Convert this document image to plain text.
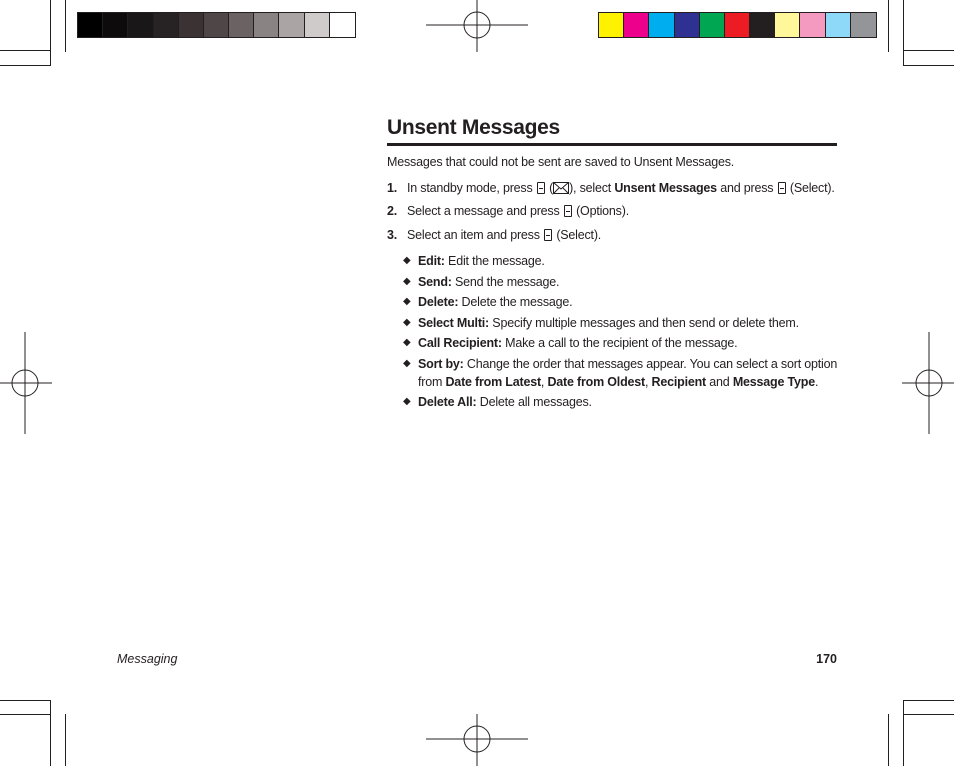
Unsent Messages
Messages that could not be sent are saved to Unsent Messages.
1. In standby mode, press  ( ), select Unsent Messages and press  (Select).
2. Select a message and press  (Options).
3. Select an item and press  (Select).
◆ Edit: Edit the message.
◆ Send: Send the message.
◆ Delete: Delete the message.
◆ Select Multi: Specify multiple messages and then send or delete them.
◆ Call Recipient: Make a call to the recipient of the message.
◆ Sort by: Change the order that messages appear. You can select a sort option from Date from Latest, Date from Oldest, Recipient and Message Type.
◆ Delete All: Delete all messages.
Messaging	170
